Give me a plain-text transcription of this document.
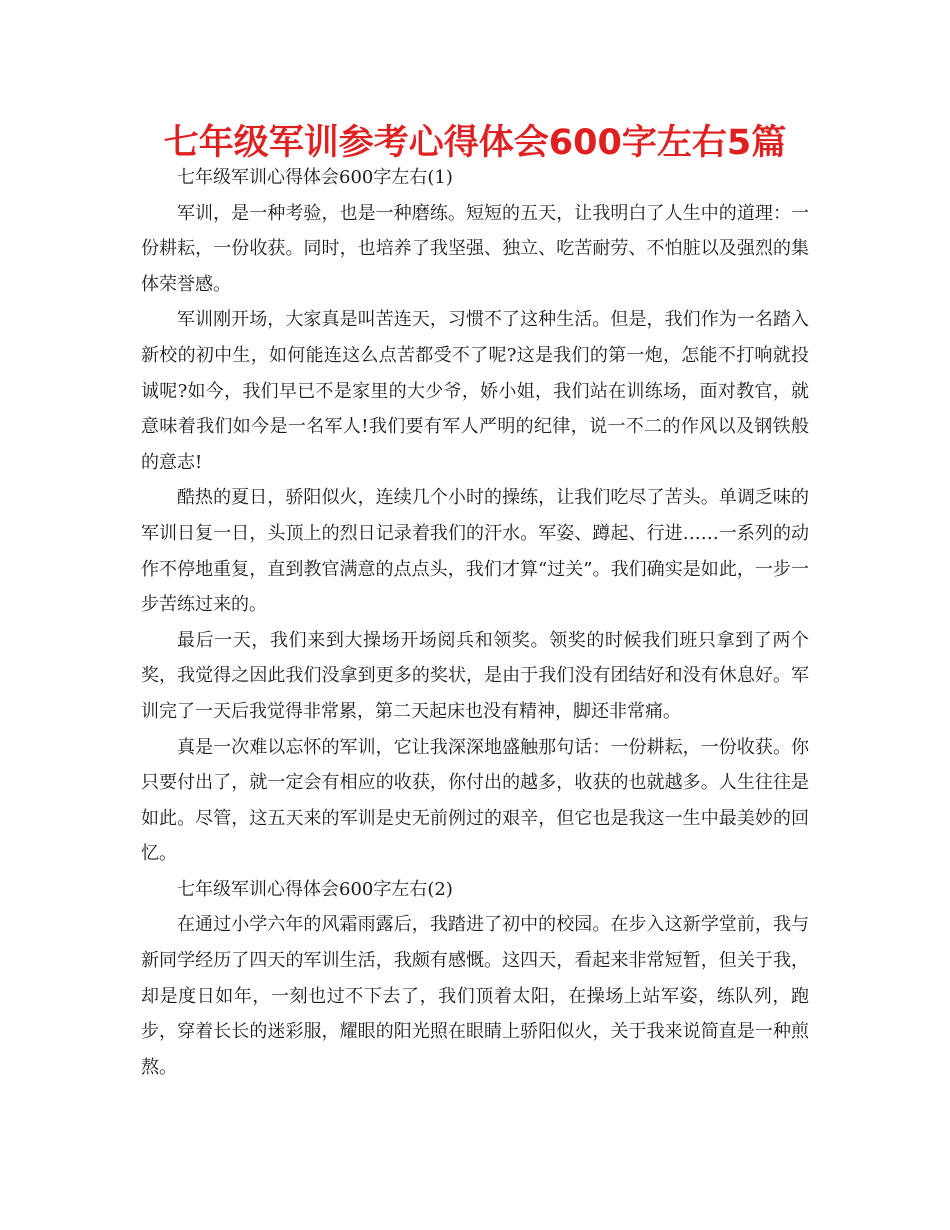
七年级军训参考心得体会600字左右5篇

七年级军训心得体会600字左右(1)

军训，是一种考验，也是一种磨练。短短的五天，让我明白了人生中的道理：一份耕耘，一份收获。同时，也培养了我坚强、独立、吃苦耐劳、不怕脏以及强烈的集体荣誉感。

军训刚开场，大家真是叫苦连天，习惯不了这种生活。但是，我们作为一名踏入新校的初中生，如何能连这么点苦都受不了呢?这是我们的第一炮，怎能不打响就投诚呢?如今，我们早已不是家里的大少爷，娇小姐，我们站在训练场，面对教官，就意味着我们如今是一名军人!我们要有军人严明的纪律，说一不二的作风以及钢铁般的意志!

酷热的夏日，骄阳似火，连续几个小时的操练，让我们吃尽了苦头。单调乏味的军训日复一日，头顶上的烈日记录着我们的汗水。军姿、蹲起、行进……一系列的动作不停地重复，直到教官满意的点点头，我们才算“过关”。我们确实是如此，一步一步苦练过来的。

最后一天，我们来到大操场开场阅兵和领奖。领奖的时候我们班只拿到了两个奖，我觉得之因此我们没拿到更多的奖状，是由于我们没有团结好和没有休息好。军训完了一天后我觉得非常累，第二天起床也没有精神，脚还非常痛。

真是一次难以忘怀的军训，它让我深深地盛触那句话：一份耕耘，一份收获。你只要付出了，就一定会有相应的收获，你付出的越多，收获的也就越多。人生往往是如此。尽管，这五天来的军训是史无前例过的艰辛，但它也是我这一生中最美妙的回忆。

七年级军训心得体会600字左右(2)

在通过小学六年的风霜雨露后，我踏进了初中的校园。在步入这新学堂前，我与新同学经历了四天的军训生活，我颇有感慨。这四天，看起来非常短暂，但关于我，却是度日如年，一刻也过不下去了，我们顶着太阳，在操场上站军姿，练队列，跑步，穿着长长的迷彩服，耀眼的阳光照在眼睛上骄阳似火，关于我来说简直是一种煎熬。
